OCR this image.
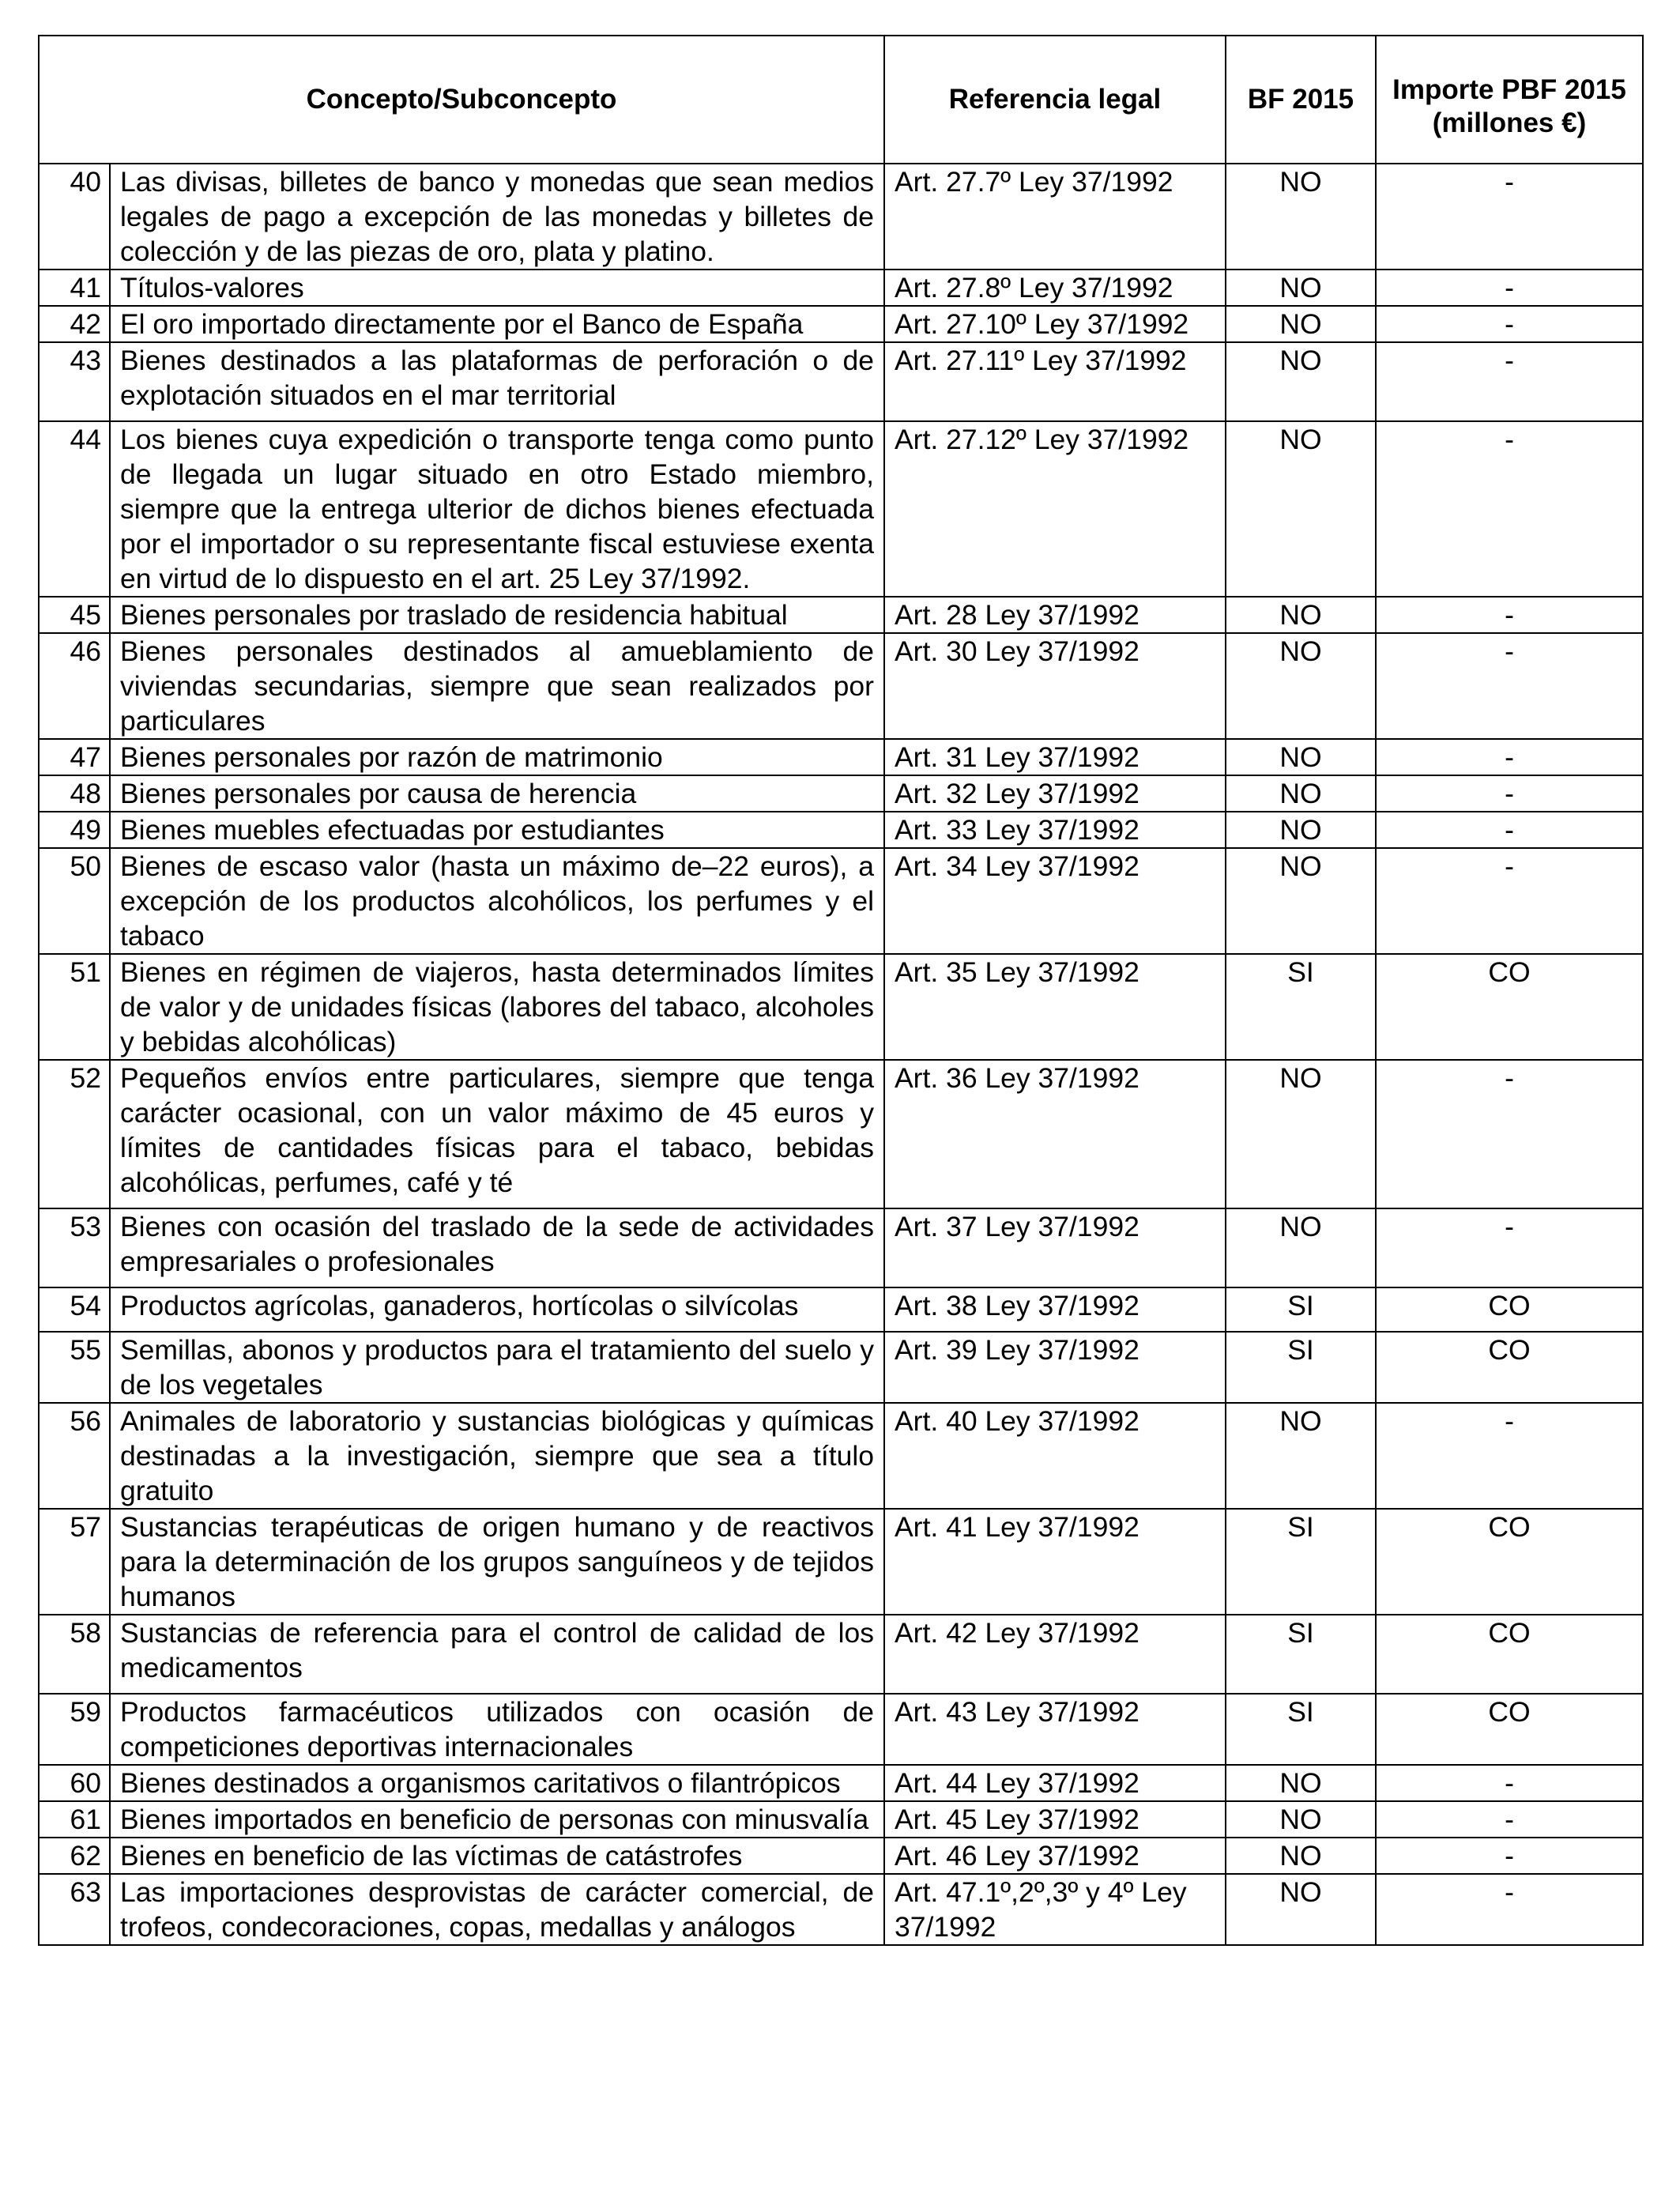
Concepto/Subconcepto		Referencia legal	BF 2015	Importe PBF 2015 (millones €)
40	Las divisas, billetes de banco y monedas que sean medios legales de pago a excepción de las monedas y billetes de colección y de las piezas de oro, plata y platino.	Art. 27.7º Ley 37/1992	NO	-
41	Títulos-valores	Art. 27.8º Ley 37/1992	NO	-
42	El oro importado directamente por el Banco de España	Art. 27.10º Ley 37/1992	NO	-
43	Bienes destinados a las plataformas de perforación o de explotación situados en el mar territorial	Art. 27.11º Ley 37/1992	NO	-
44	Los bienes cuya expedición o transporte tenga como punto de llegada un lugar situado en otro Estado miembro, siempre que la entrega ulterior de dichos bienes efectuada por el importador o su representante fiscal estuviese exenta en virtud de lo dispuesto en el art. 25 Ley 37/1992.	Art. 27.12º Ley 37/1992	NO	-
45	Bienes personales por traslado de residencia habitual	Art. 28 Ley 37/1992	NO	-
46	Bienes personales destinados al amueblamiento de viviendas secundarias, siempre que sean realizados por particulares	Art. 30 Ley 37/1992	NO	-
47	Bienes personales por razón de matrimonio	Art. 31 Ley 37/1992	NO	-
48	Bienes personales por causa de herencia	Art. 32 Ley 37/1992	NO	-
49	Bienes muebles efectuadas por estudiantes	Art. 33 Ley 37/1992	NO	-
50	Bienes de escaso valor (hasta un máximo de–22 euros), a excepción de los productos alcohólicos, los perfumes y el tabaco	Art. 34 Ley 37/1992	NO	-
51	Bienes en régimen de viajeros, hasta determinados límites de valor y de unidades físicas (labores del tabaco, alcoholes y bebidas alcohólicas)	Art. 35 Ley 37/1992	SI	CO
52	Pequeños envíos entre particulares, siempre que tenga carácter ocasional, con un valor máximo de 45 euros y límites de cantidades físicas para el tabaco, bebidas alcohólicas, perfumes, café y té	Art. 36 Ley 37/1992	NO	-
53	Bienes con ocasión del traslado de la sede de actividades empresariales o profesionales	Art. 37 Ley 37/1992	NO	-
54	Productos agrícolas, ganaderos, hortícolas o silvícolas	Art. 38 Ley 37/1992	SI	CO
55	Semillas, abonos y productos para el tratamiento del suelo y de los vegetales	Art. 39 Ley 37/1992	SI	CO
56	Animales de laboratorio y sustancias biológicas y químicas destinadas a la investigación, siempre que sea a título gratuito	Art. 40 Ley 37/1992	NO	-
57	Sustancias terapéuticas de origen humano y de reactivos para la determinación de los grupos sanguíneos y de tejidos humanos	Art. 41 Ley 37/1992	SI	CO
58	Sustancias de referencia para el control de calidad de los medicamentos	Art. 42 Ley 37/1992	SI	CO
59	Productos farmacéuticos utilizados con ocasión de competiciones deportivas internacionales	Art. 43 Ley 37/1992	SI	CO
60	Bienes destinados a organismos caritativos o filantrópicos	Art. 44 Ley 37/1992	NO	-
61	Bienes importados en beneficio de personas con minusvalía	Art. 45 Ley 37/1992	NO	-
62	Bienes en beneficio de las víctimas de catástrofes	Art. 46 Ley 37/1992	NO	-
63	Las importaciones desprovistas de carácter comercial, de trofeos, condecoraciones, copas, medallas y análogos	Art. 47.1º,2º,3º y 4º Ley 37/1992	NO	-
